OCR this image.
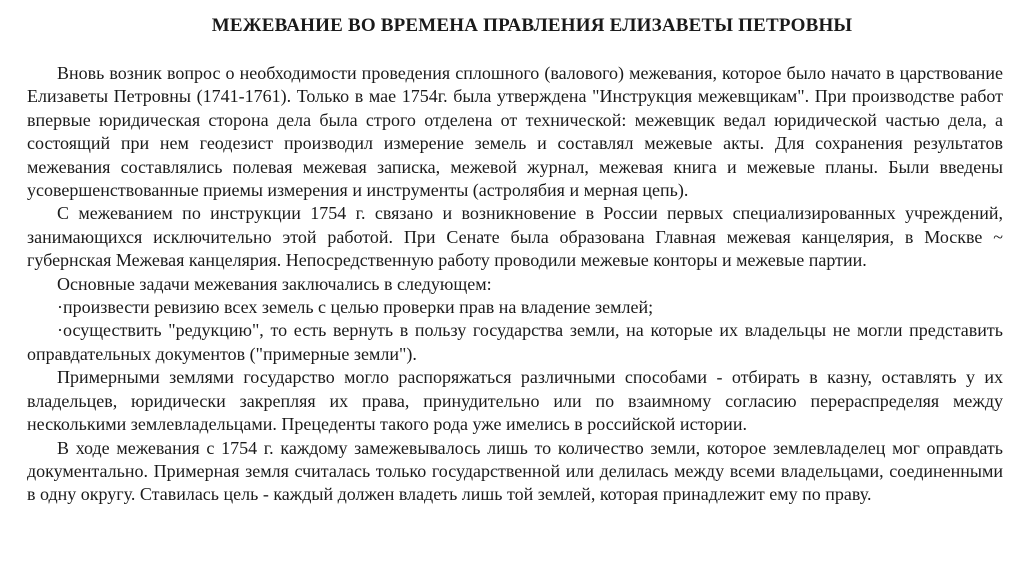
МЕЖЕВАНИЕ ВО ВРЕМЕНА ПРАВЛЕНИЯ ЕЛИЗАВЕТЫ ПЕТРОВНЫ

Вновь возник вопрос о необходимости проведения сплошного (валового) межевания, которое было начато в царствование Елизаветы Петровны (1741-1761). Только в мае 1754г. была утверждена "Инструкция межевщикам". При производстве работ впервые юридическая сторона дела была строго отделена от технической: межевщик ведал юридической частью дела, а состоящий при нем геодезист производил измерение земель и составлял межевые акты. Для сохранения результатов межевания составлялись полевая межевая записка, межевой журнал, межевая книга и межевые планы. Были введены усовершенствованные приемы измерения и инструменты (астролябия и мерная цепь).

С межеванием по инструкции 1754 г. связано и возникновение в России первых специализированных учреждений, занимающихся исключительно этой работой. При Сенате была образована Главная межевая канцелярия, в Москве ~ губернская Межевая канцелярия. Непосредственную работу проводили межевые конторы и межевые партии.

Основные задачи межевания заключались в следующем:

·произвести ревизию всех земель с целью проверки прав на владение землей;

·осуществить "редукцию", то есть вернуть в пользу государства земли, на которые их владельцы не могли представить оправдательных документов ("примерные земли").

Примерными землями государство могло распоряжаться различными способами - отбирать в казну, оставлять у их владельцев, юридически закрепляя их права, принудительно или по взаимному согласию перераспределяя между несколькими землевладельцами. Прецеденты такого рода уже имелись в российской истории.

В ходе межевания с 1754 г. каждому замежевывалось лишь то количество земли, которое землевладелец мог оправдать документально. Примерная земля считалась только государственной или делилась между всеми владельцами, соединенными в одну округу. Ставилась цель - каждый должен владеть лишь той землей, которая принадлежит ему по праву.
